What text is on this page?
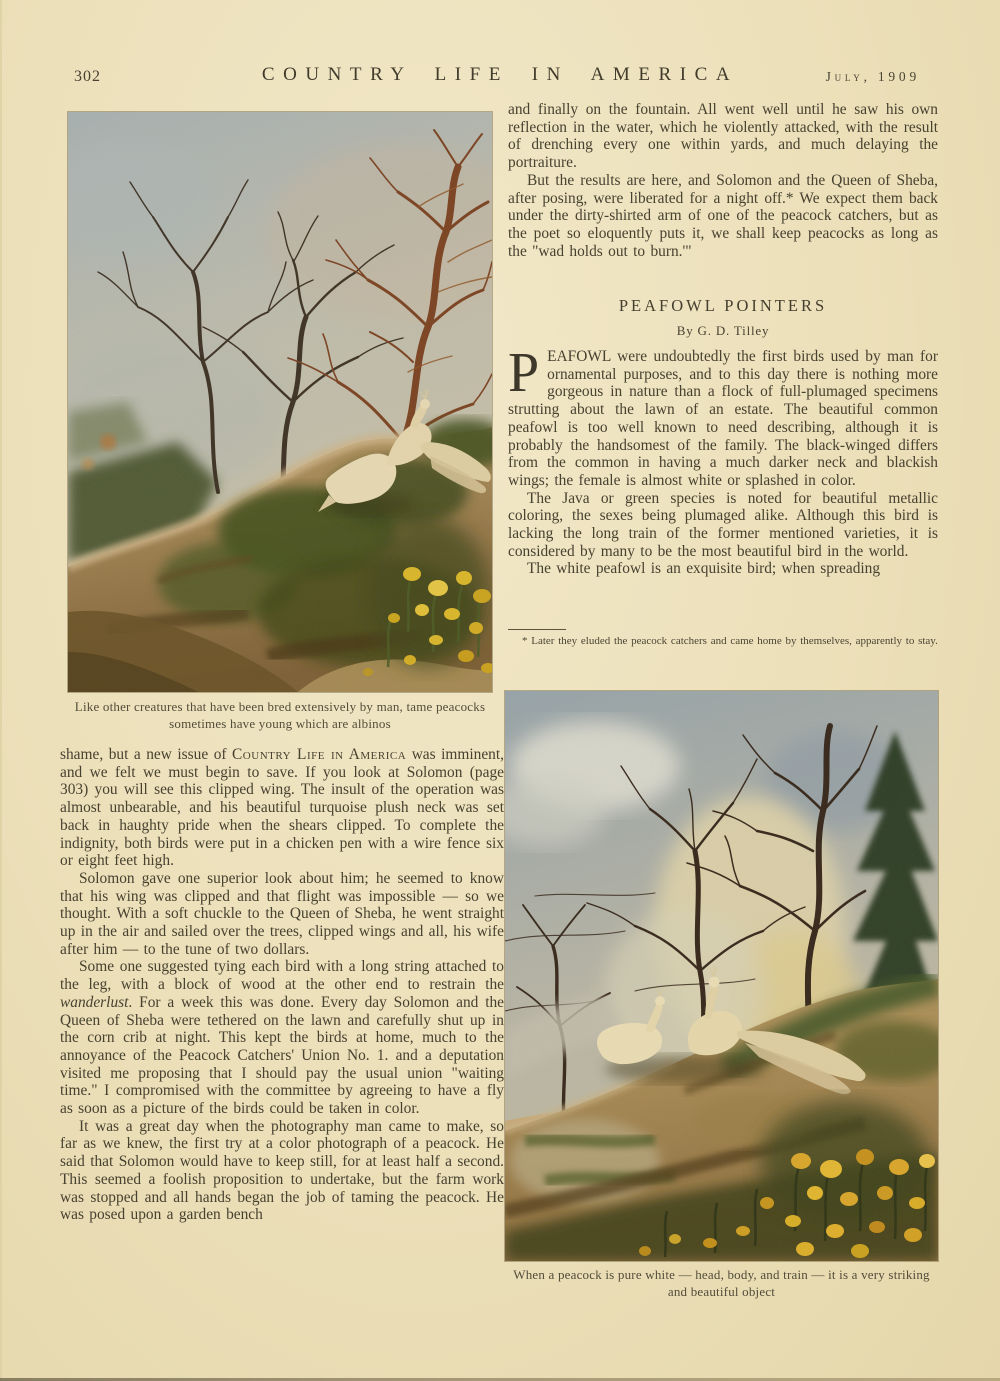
302	COUNTRY LIFE IN AMERICA	July, 1909
Like other creatures that have been bred extensively by man, tame peacocks sometimes have young which are albinos

shame, but a new issue of Country Life in America was imminent, and we felt we must begin to save. If you look at Solomon (page 303) you will see this clipped wing. The insult of the operation was almost unbearable, and his beautiful turquoise plush neck was set back in haughty pride when the shears clipped. To complete the indignity, both birds were put in a chicken pen with a wire fence six or eight feet high.

Solomon gave one superior look about him; he seemed to know that his wing was clipped and that flight was impossible — so we thought. With a soft chuckle to the Queen of Sheba, he went straight up in the air and sailed over the trees, clipped wings and all, his wife after him — to the tune of two dollars.

Some one suggested tying each bird with a long string attached to the leg, with a block of wood at the other end to restrain the wanderlust. For a week this was done. Every day Solomon and the Queen of Sheba were tethered on the lawn and carefully shut up in the corn crib at night. This kept the birds at home, much to the annoyance of the Peacock Catchers' Union No. 1. and a deputation visited me proposing that I should pay the usual union "waiting time." I compromised with the committee by agreeing to have a fly as soon as a picture of the birds could be taken in color.

It was a great day when the photography man came to make, so far as we knew, the first try at a color photograph of a peacock. He said that Solomon would have to keep still, for at least half a second. This seemed a foolish proposition to undertake, but the farm work was stopped and all hands began the job of taming the peacock. He was posed upon a garden bench

and finally on the fountain. All went well until he saw his own reflection in the water, which he violently attacked, with the result of drenching every one within yards, and much delaying the portraiture.

But the results are here, and Solomon and the Queen of Sheba, after posing, were liberated for a night off.* We expect them back under the dirty-shirted arm of one of the peacock catchers, but as the poet so eloquently puts it, we shall keep peacocks as long as the "wad holds out to burn.'"

PEAFOWL POINTERS
By G. D. Tilley

PEAFOWL were undoubtedly the first birds used by man for ornamental purposes, and to this day there is nothing more gorgeous in nature than a flock of full-plumaged specimens strutting about the lawn of an estate. The beautiful common peafowl is too well known to need describing, although it is probably the handsomest of the family. The black-winged differs from the common in having a much darker neck and blackish wings; the female is almost white or splashed in color.

The Java or green species is noted for beautiful metallic coloring, the sexes being plumaged alike. Although this bird is lacking the long train of the former mentioned varieties, it is considered by many to be the most beautiful bird in the world.

The white peafowl is an exquisite bird; when spreading

* Later they eluded the peacock catchers and came home by themselves, apparently to stay.

When a peacock is pure white — head, body, and train — it is a very striking and beautiful object
